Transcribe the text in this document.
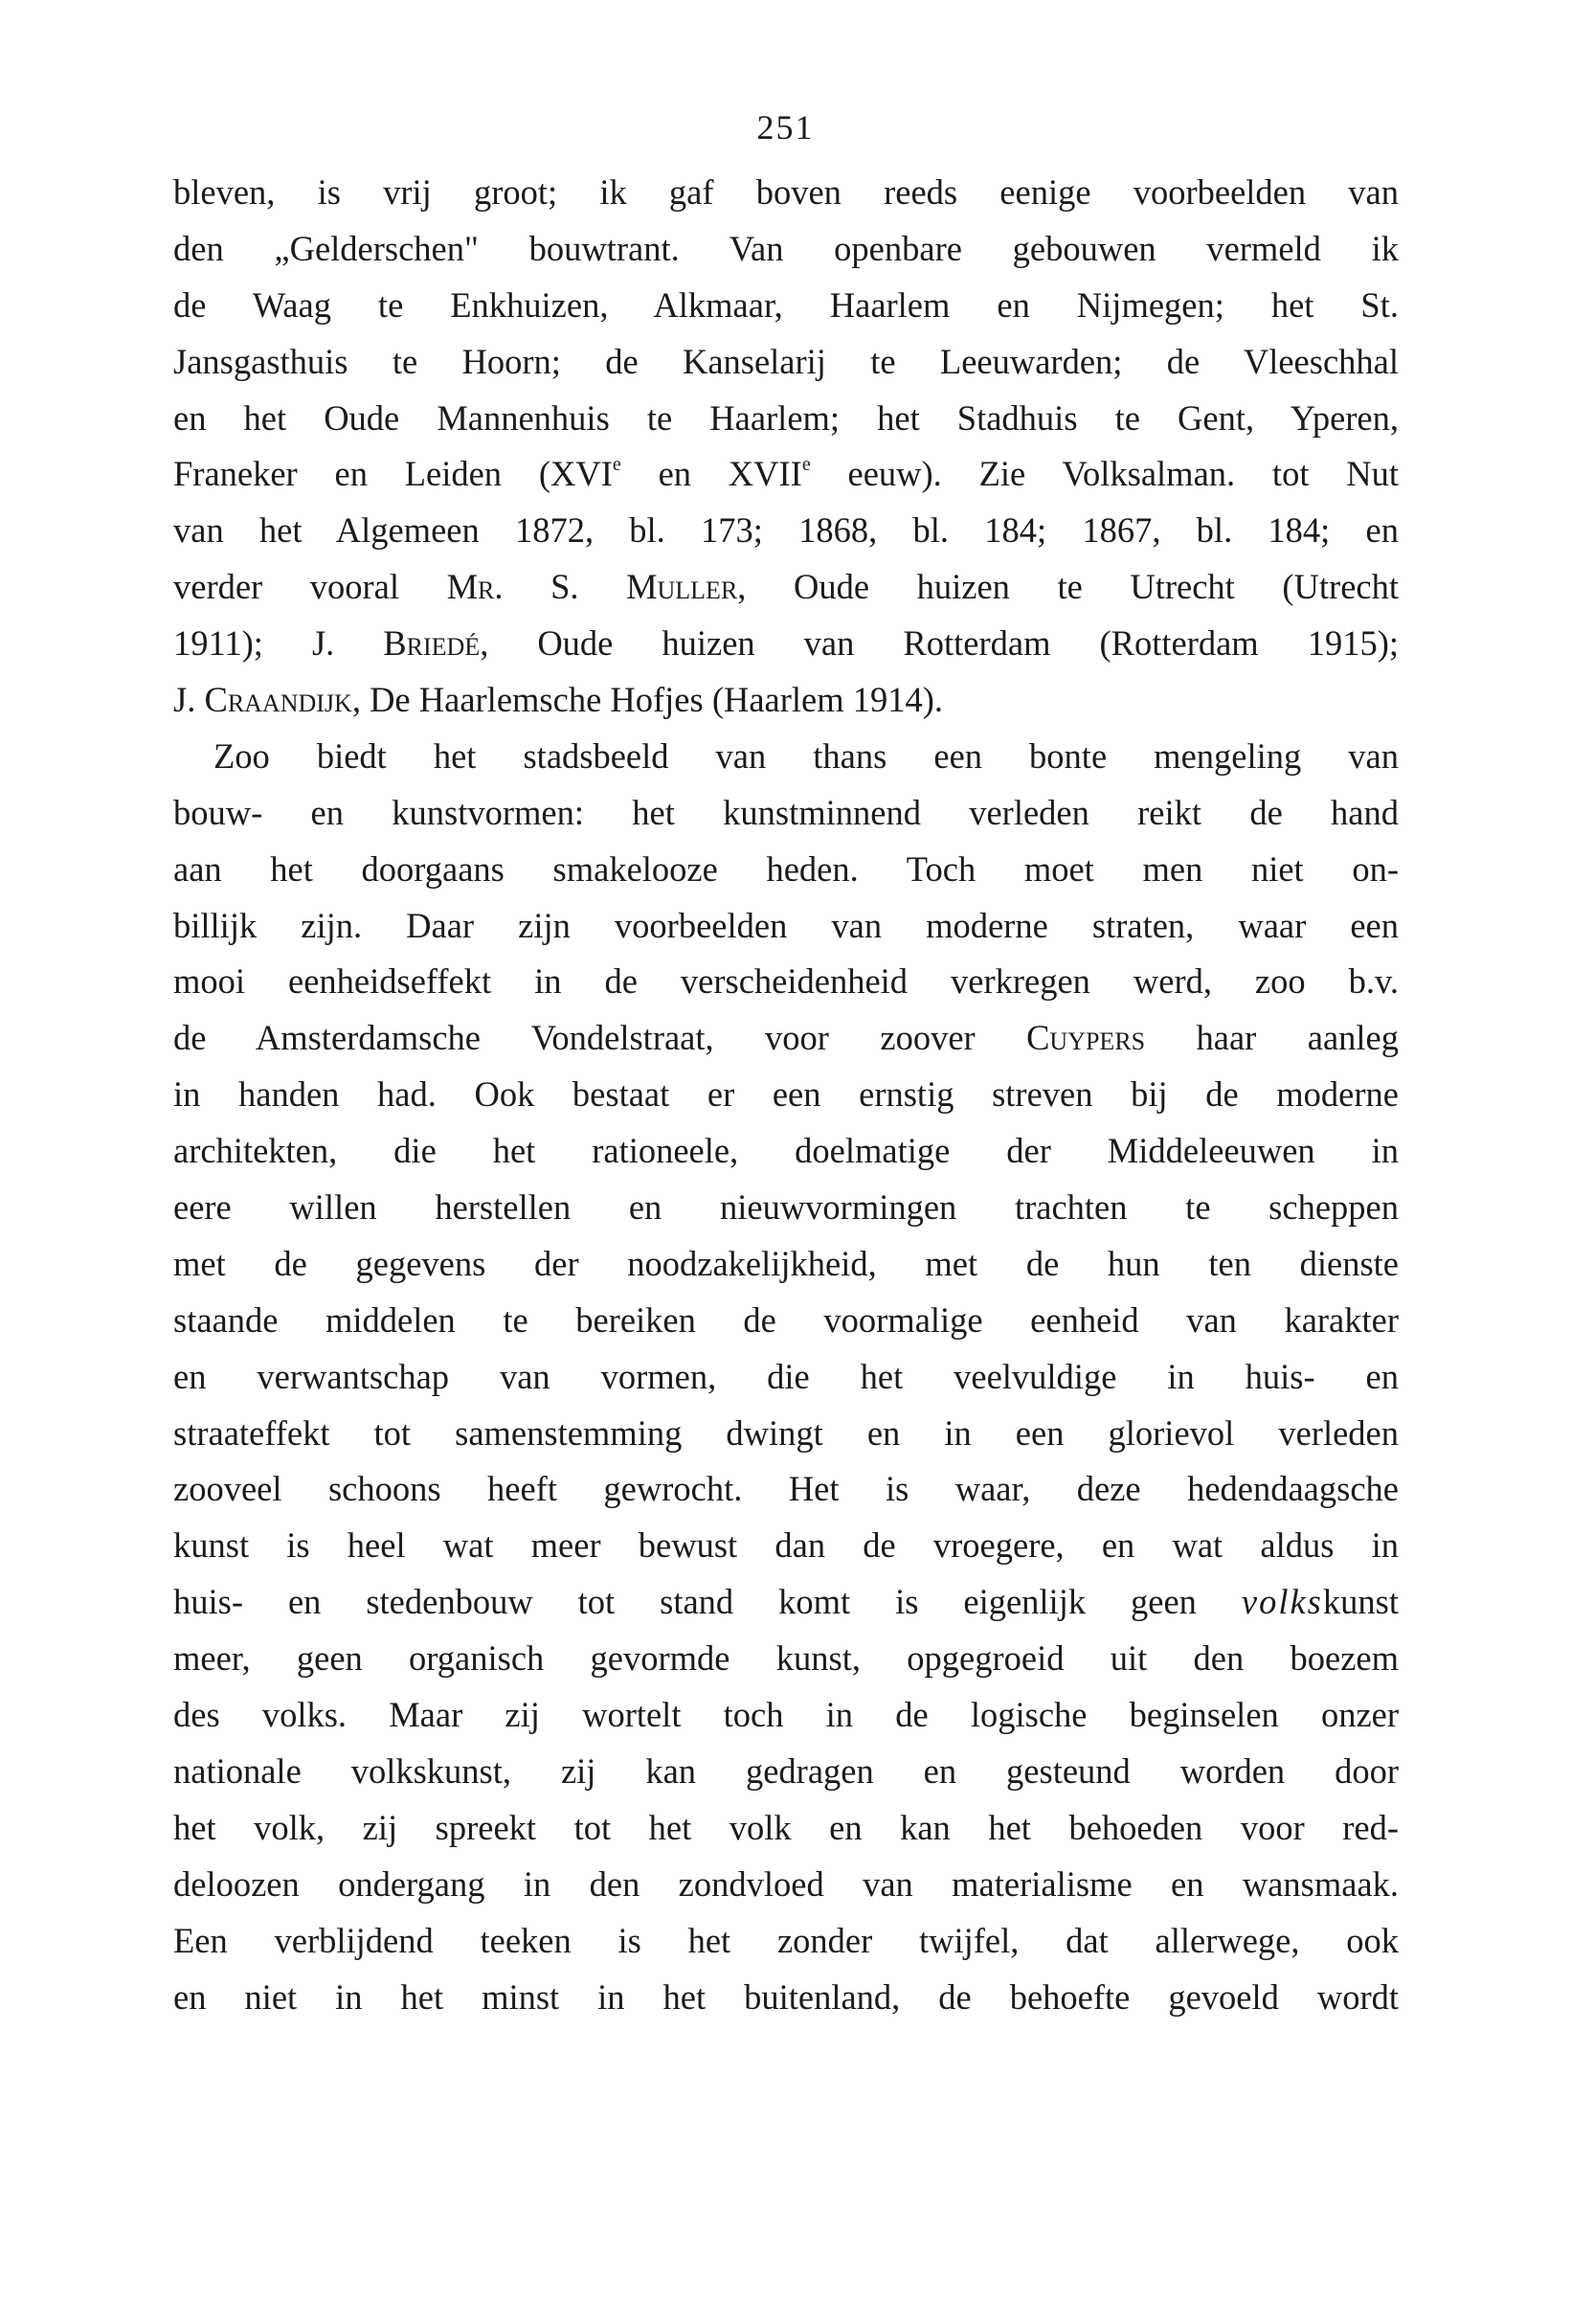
251
bleven, is vrij groot; ik gaf boven reeds eenige voorbeelden van
den „Gelderschen" bouwtrant. Van openbare gebouwen vermeld ik
de Waag te Enkhuizen, Alkmaar, Haarlem en Nijmegen; het St.
Jansgasthuis te Hoorn; de Kanselarij te Leeuwarden; de Vleeschhal
en het Oude Mannenhuis te Haarlem; het Stadhuis te Gent, Yperen,
Franeker en Leiden (XVIe en XVIIe eeuw). Zie Volksalman. tot Nut
van het Algemeen 1872, bl. 173; 1868, bl. 184; 1867, bl. 184; en
verder vooral Mr. S. Muller, Oude huizen te Utrecht (Utrecht
1911); J. Briedé, Oude huizen van Rotterdam (Rotterdam 1915);
J. Craandijk, De Haarlemsche Hofjes (Haarlem 1914).
Zoo biedt het stadsbeeld van thans een bonte mengeling van
bouw- en kunstvormen: het kunstminnend verleden reikt de hand
aan het doorgaans smakelooze heden. Toch moet men niet on-
billijk zijn. Daar zijn voorbeelden van moderne straten, waar een
mooi eenheidseffekt in de verscheidenheid verkregen werd, zoo b.v.
de Amsterdamsche Vondelstraat, voor zoover Cuypers haar aanleg
in handen had. Ook bestaat er een ernstig streven bij de moderne
architekten, die het rationeele, doelmatige der Middeleeuwen in
eere willen herstellen en nieuwvormingen trachten te scheppen
met de gegevens der noodzakelijkheid, met de hun ten dienste
staande middelen te bereiken de voormalige eenheid van karakter
en verwantschap van vormen, die het veelvuldige in huis- en
straateffekt tot samenstemming dwingt en in een glorievol verleden
zooveel schoons heeft gewrocht. Het is waar, deze hedendaagsche
kunst is heel wat meer bewust dan de vroegere, en wat aldus in
huis- en stedenbouw tot stand komt is eigenlijk geen volkskunst
meer, geen organisch gevormde kunst, opgegroeid uit den boezem
des volks. Maar zij wortelt toch in de logische beginselen onzer
nationale volkskunst, zij kan gedragen en gesteund worden door
het volk, zij spreekt tot het volk en kan het behoeden voor red-
deloozen ondergang in den zondvloed van materialisme en wansmaak.
Een verblijdend teeken is het zonder twijfel, dat allerwege, ook
en niet in het minst in het buitenland, de behoefte gevoeld wordt
